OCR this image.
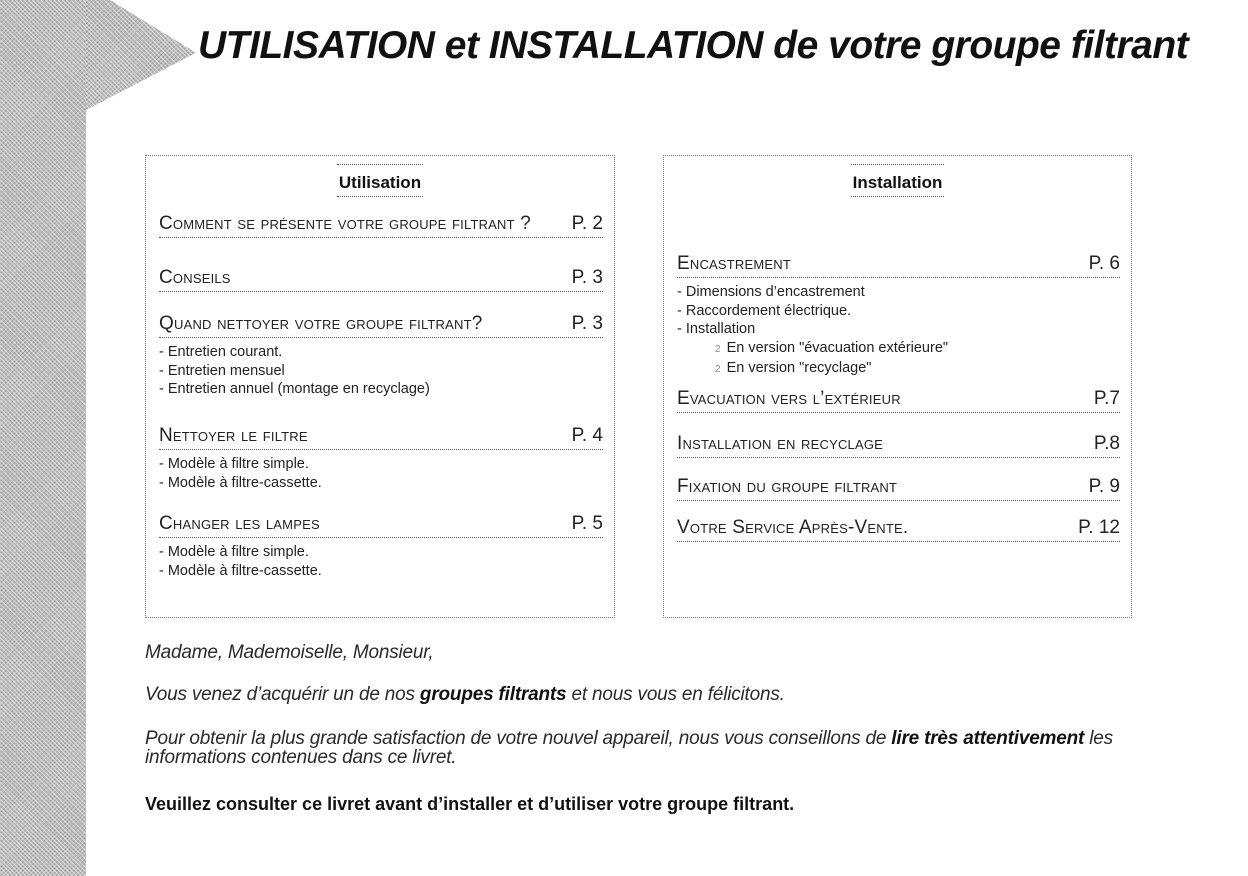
UTILISATION et INSTALLATION de votre groupe filtrant
Utilisation
Comment se présente votre groupe filtrant ? P. 2
Conseils	P. 3
Quand nettoyer votre groupe filtrant?	P. 3
- Entretien courant.
- Entretien mensuel
- Entretien annuel (montage en recyclage)
Nettoyer le filtre	P. 4
- Modèle à filtre simple.
- Modèle à filtre-cassette.
Changer les lampes	P. 5
- Modèle à filtre simple.
- Modèle à filtre-cassette.
Installation
Encastrement	P. 6
- Dimensions d’encastrement
- Raccordement électrique.
- Installation
2 En version "évacuation extérieure"
2 En version "recyclage"
Evacuation vers l’extérieur	P.7
Installation en recyclage	P.8
Fixation du groupe filtrant	P. 9
Votre Service Après-Vente.	P. 12

Madame, Mademoiselle, Monsieur,

Vous venez d’acquérir un de nos groupes filtrants et nous vous en félicitons.

Pour obtenir la plus grande satisfaction de votre nouvel appareil, nous vous conseillons de lire très attentivement les informations contenues dans ce livret.

Veuillez consulter ce livret avant d’installer et d’utiliser votre groupe filtrant.
